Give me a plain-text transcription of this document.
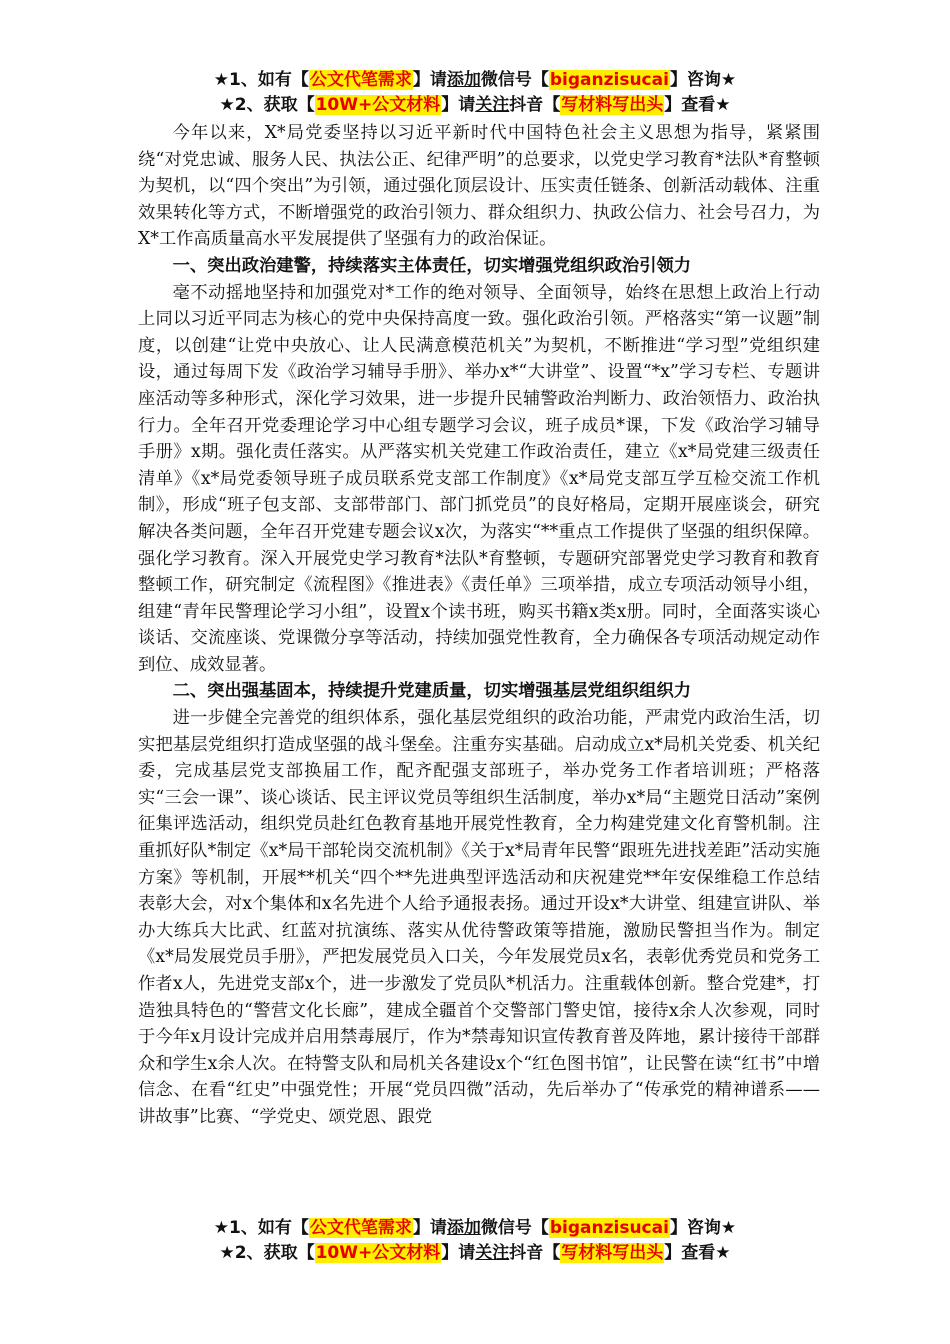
★1、如有【公文代笔需求】请添加微信号【biganzisucai】咨询★
★2、获取【10W+公文材料】请关注抖音【写材料写出头】查看★

今年以来，X*局党委坚持以习近平新时代中国特色社会主义思想为指导，紧紧围绕“对党忠诚、服务人民、执法公正、纪律严明”的总要求，以党史学习教育*法队*育整顿为契机，以“四个突出”为引领，通过强化顶层设计、压实责任链条、创新活动载体、注重效果转化等方式，不断增强党的政治引领力、群众组织力、执政公信力、社会号召力，为X*工作高质量高水平发展提供了坚强有力的政治保证。

一、突出政治建警，持续落实主体责任，切实增强党组织政治引领力

毫不动摇地坚持和加强党对*工作的绝对领导、全面领导，始终在思想上政治上行动上同以习近平同志为核心的党中央保持高度一致。强化政治引领。严格落实“第一议题”制度，以创建“让党中央放心、让人民满意模范机关”为契机，不断推进“学习型”党组织建设，通过每周下发《政治学习辅导手册》、举办x*“大讲堂”、设置“*x”学习专栏、专题讲座活动等多种形式，深化学习效果，进一步提升民辅警政治判断力、政治领悟力、政治执行力。全年召开党委理论学习中心组专题学习会议，班子成员*课，下发《政治学习辅导手册》x期。强化责任落实。从严落实机关党建工作政治责任，建立《x*局党建三级责任清单》《x*局党委领导班子成员联系党支部工作制度》《x*局党支部互学互检交流工作机制》，形成“班子包支部、支部带部门、部门抓党员”的良好格局，定期开展座谈会，研究解决各类问题，全年召开党建专题会议x次，为落实“**重点工作提供了坚强的组织保障。强化学习教育。深入开展党史学习教育*法队*育整顿，专题研究部署党史学习教育和教育整顿工作，研究制定《流程图》《推进表》《责任单》三项举措，成立专项活动领导小组，组建“青年民警理论学习小组”，设置x个读书班，购买书籍x类x册。同时，全面落实谈心谈话、交流座谈、党课微分享等活动，持续加强党性教育，全力确保各专项活动规定动作到位、成效显著。

二、突出强基固本，持续提升党建质量，切实增强基层党组织组织力

进一步健全完善党的组织体系，强化基层党组织的政治功能，严肃党内政治生活，切实把基层党组织打造成坚强的战斗堡垒。注重夯实基础。启动成立x*局机关党委、机关纪委，完成基层党支部换届工作，配齐配强支部班子，举办党务工作者培训班；严格落实“三会一课”、谈心谈话、民主评议党员等组织生活制度，举办x*局“主题党日活动”案例征集评选活动，组织党员赴红色教育基地开展党性教育，全力构建党建文化育警机制。注重抓好队*制定《x*局干部轮岗交流机制》《关于x*局青年民警“跟班先进找差距”活动实施方案》等机制，开展**机关“四个**先进典型评选活动和庆祝建党**年安保维稳工作总结表彰大会，对x个集体和x名先进个人给予通报表扬。通过开设x*大讲堂、组建宣讲队、举办大练兵大比武、红蓝对抗演练、落实从优待警政策等措施，激励民警担当作为。制定《x*局发展党员手册》，严把发展党员入口关，今年发展党员x名，表彰优秀党员和党务工作者x人，先进党支部x个，进一步激发了党员队*机活力。注重载体创新。整合党建*，打造独具特色的“警营文化长廊”，建成全疆首个交警部门警史馆，接待x余人次参观，同时于今年x月设计完成并启用禁毒展厅，作为*禁毒知识宣传教育普及阵地，累计接待干部群众和学生x余人次。在特警支队和局机关各建设x个“红色图书馆”，让民警在读“红书”中增信念、在看“红史”中强党性；开展“党员四微”活动，先后举办了“传承党的精神谱系——讲故事”比赛、“学党史、颂党恩、跟党

★1、如有【公文代笔需求】请添加微信号【biganzisucai】咨询★
★2、获取【10W+公文材料】请关注抖音【写材料写出头】查看★
